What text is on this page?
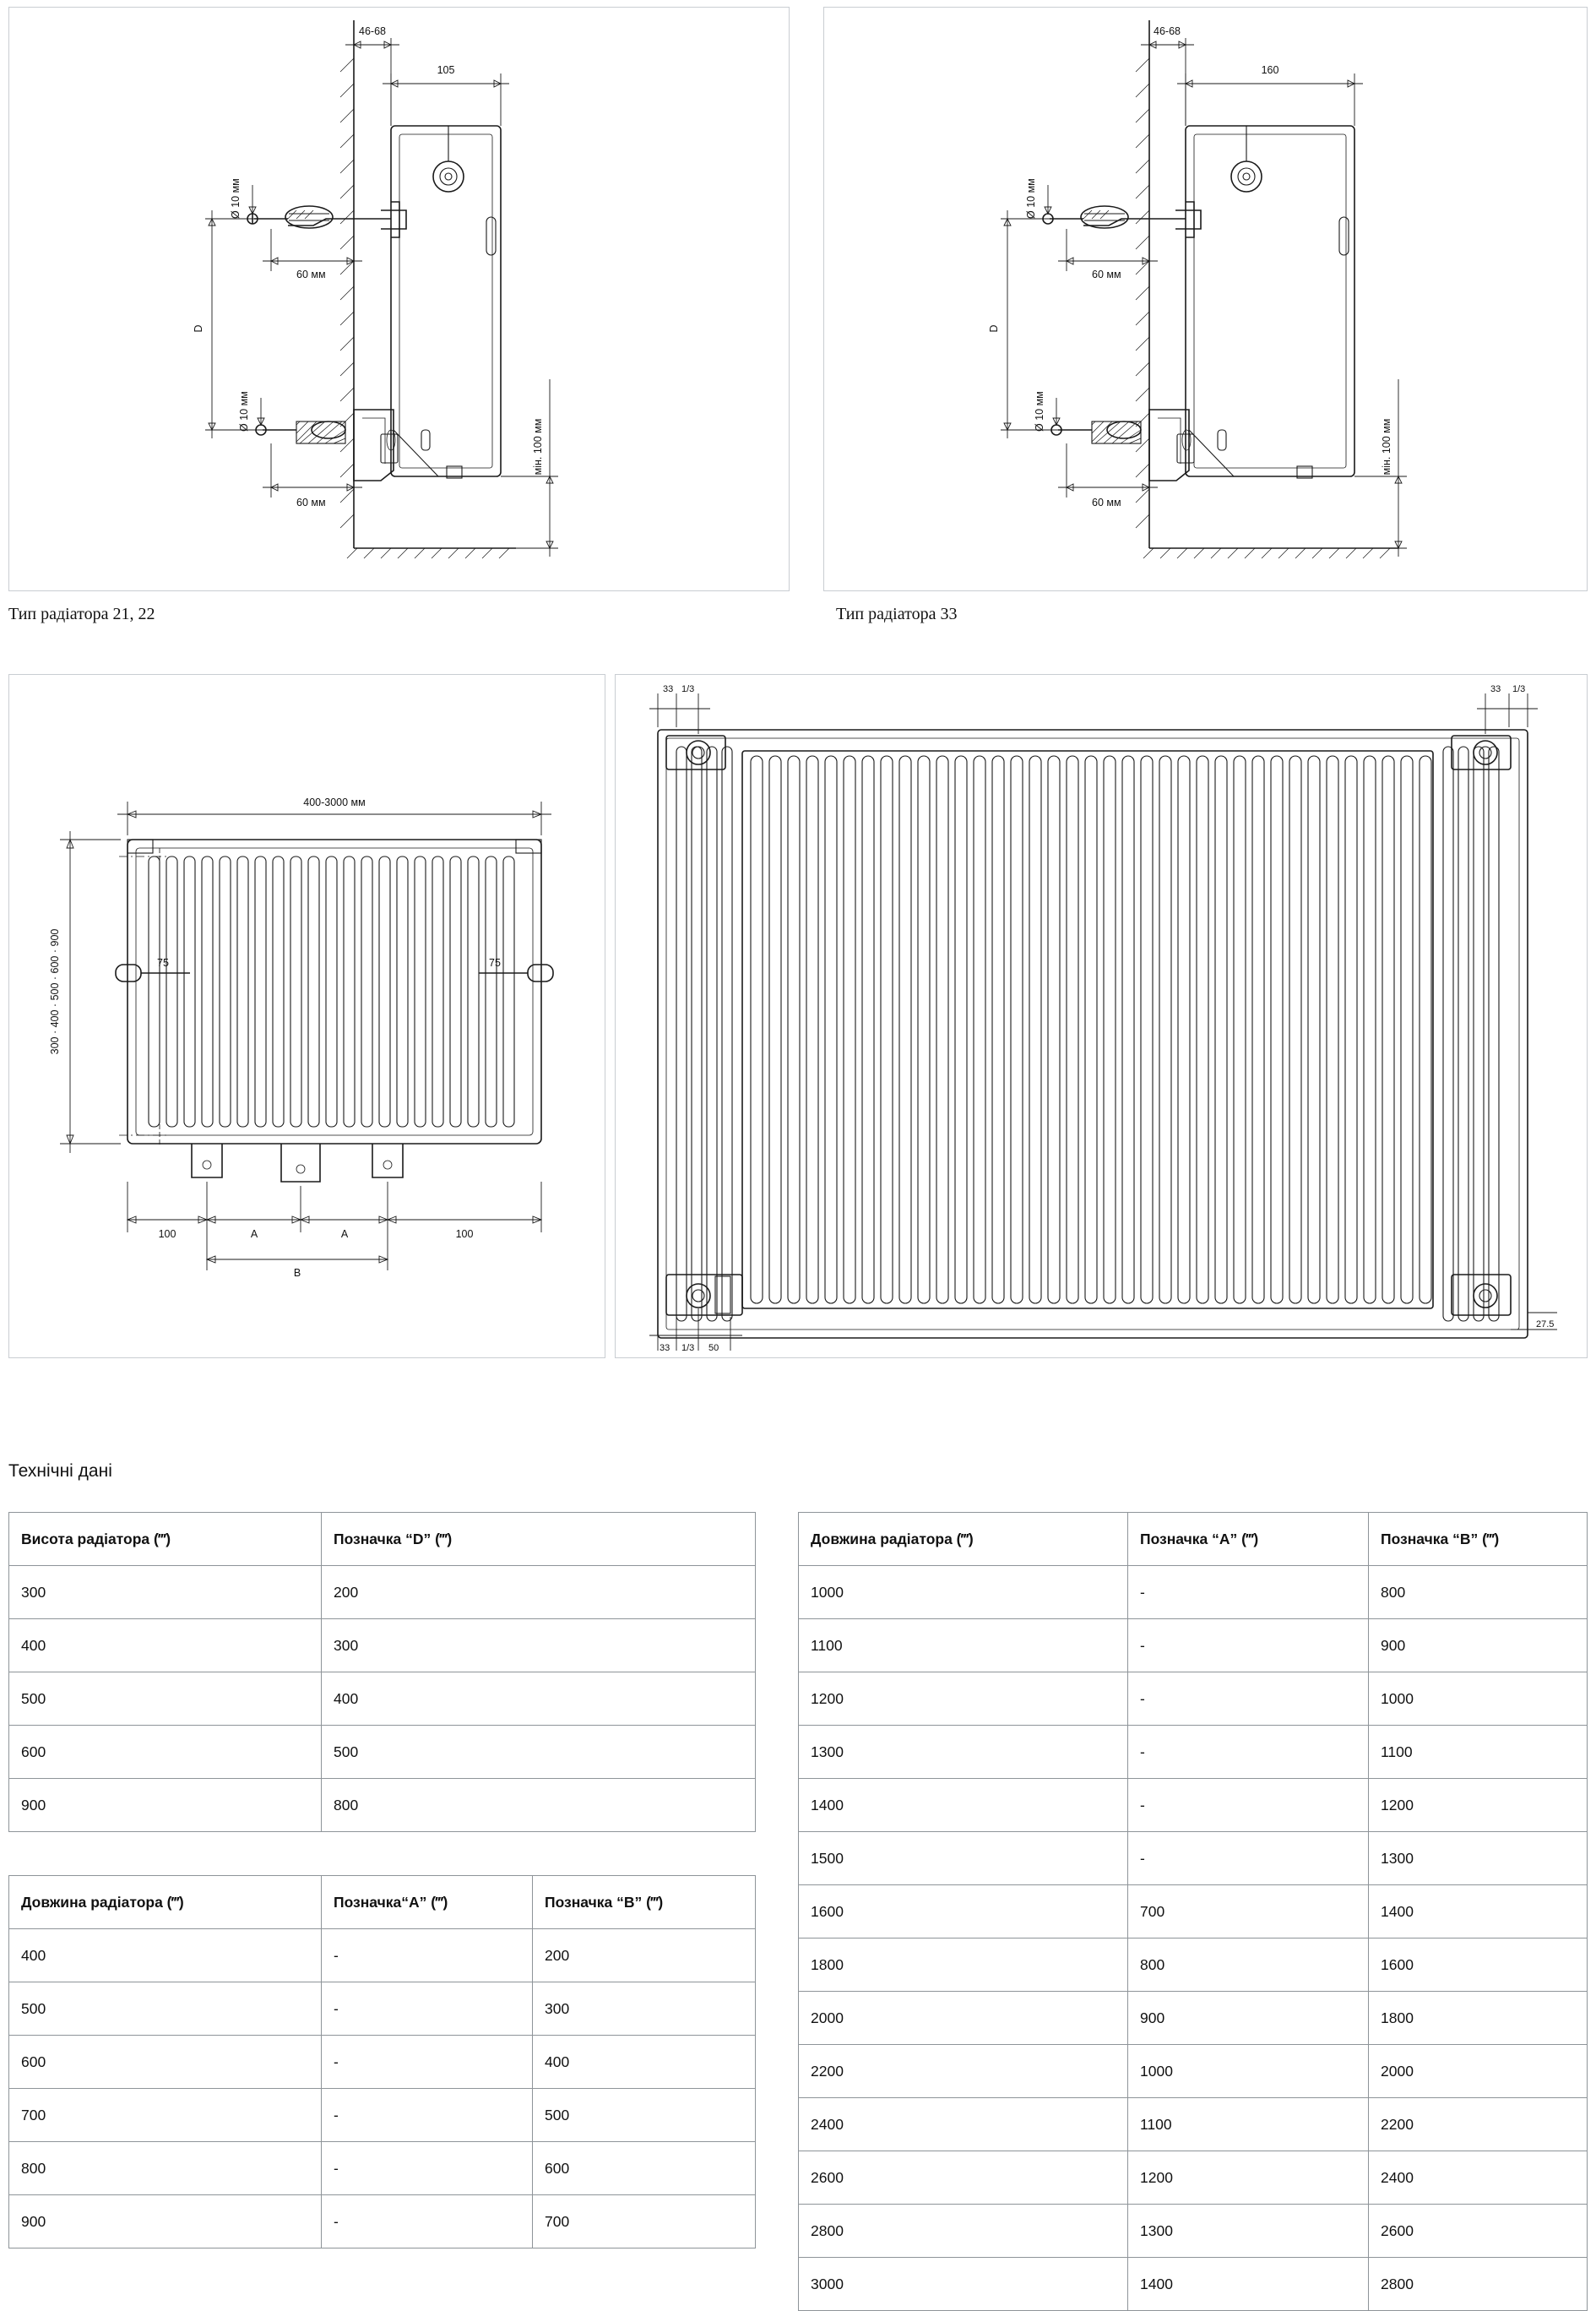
46-68
105
Ø 10 мм
60 мм
D
Ø 10 мм
60 мм
мін. 100 мм
Тип радіатора 21, 22
46-68
160
Ø 10 мм
60 мм
D
Ø 10 мм
60 мм
мін. 100 мм
Тип радіатора 33
75	75
400-3000 мм
300 · 400 · 500 · 600 · 900
100	A	A	100
B
33 1/3	33 1/3
33 1/3 50
27.5
Технічні дані
Висота радіатора (‴)	Позначка “D” (‴)
300	200
400	300
500	400
600	500
900	800
Довжина радіатора (‴)	Позначка“A” (‴)	Позначка “B” (‴)
400	-	200
500	-	300
600	-	400
700	-	500
800	-	600
900	-	700
Довжина радіатора (‴)	Позначка “A” (‴)	Позначка “B” (‴)
1000	-	800
1100	-	900
1200	-	1000
1300	-	1100
1400	-	1200
1500	-	1300
1600	700	1400
1800	800	1600
2000	900	1800
2200	1000	2000
2400	1100	2200
2600	1200	2400
2800	1300	2600
3000	1400	2800
